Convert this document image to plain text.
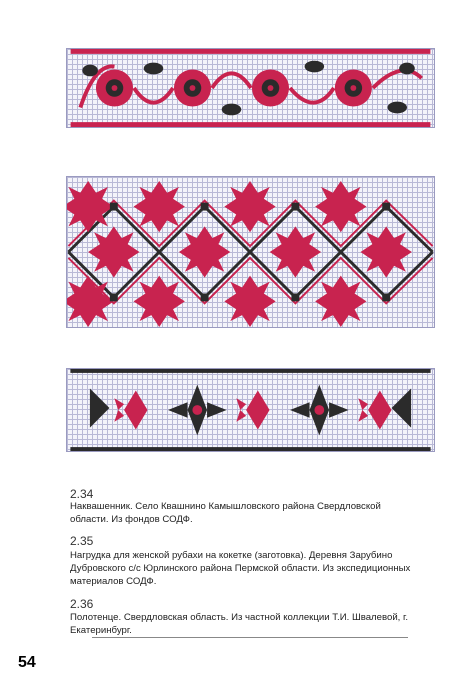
2.34
Наквашенник. Село Квашнино Камышловского района Свердловской области. Из фондов СОДФ.
2.35
Нагрудка для женской рубахи на кокетке (заготовка). Деревня Зарубино Дубровского с/с Юрлинского района Пермской области. Из экспедиционных материалов СОДФ.
2.36
Полотенце. Свердловская область. Из частной коллекции Т.И. Швалевой, г. Екатеринбург.
54
